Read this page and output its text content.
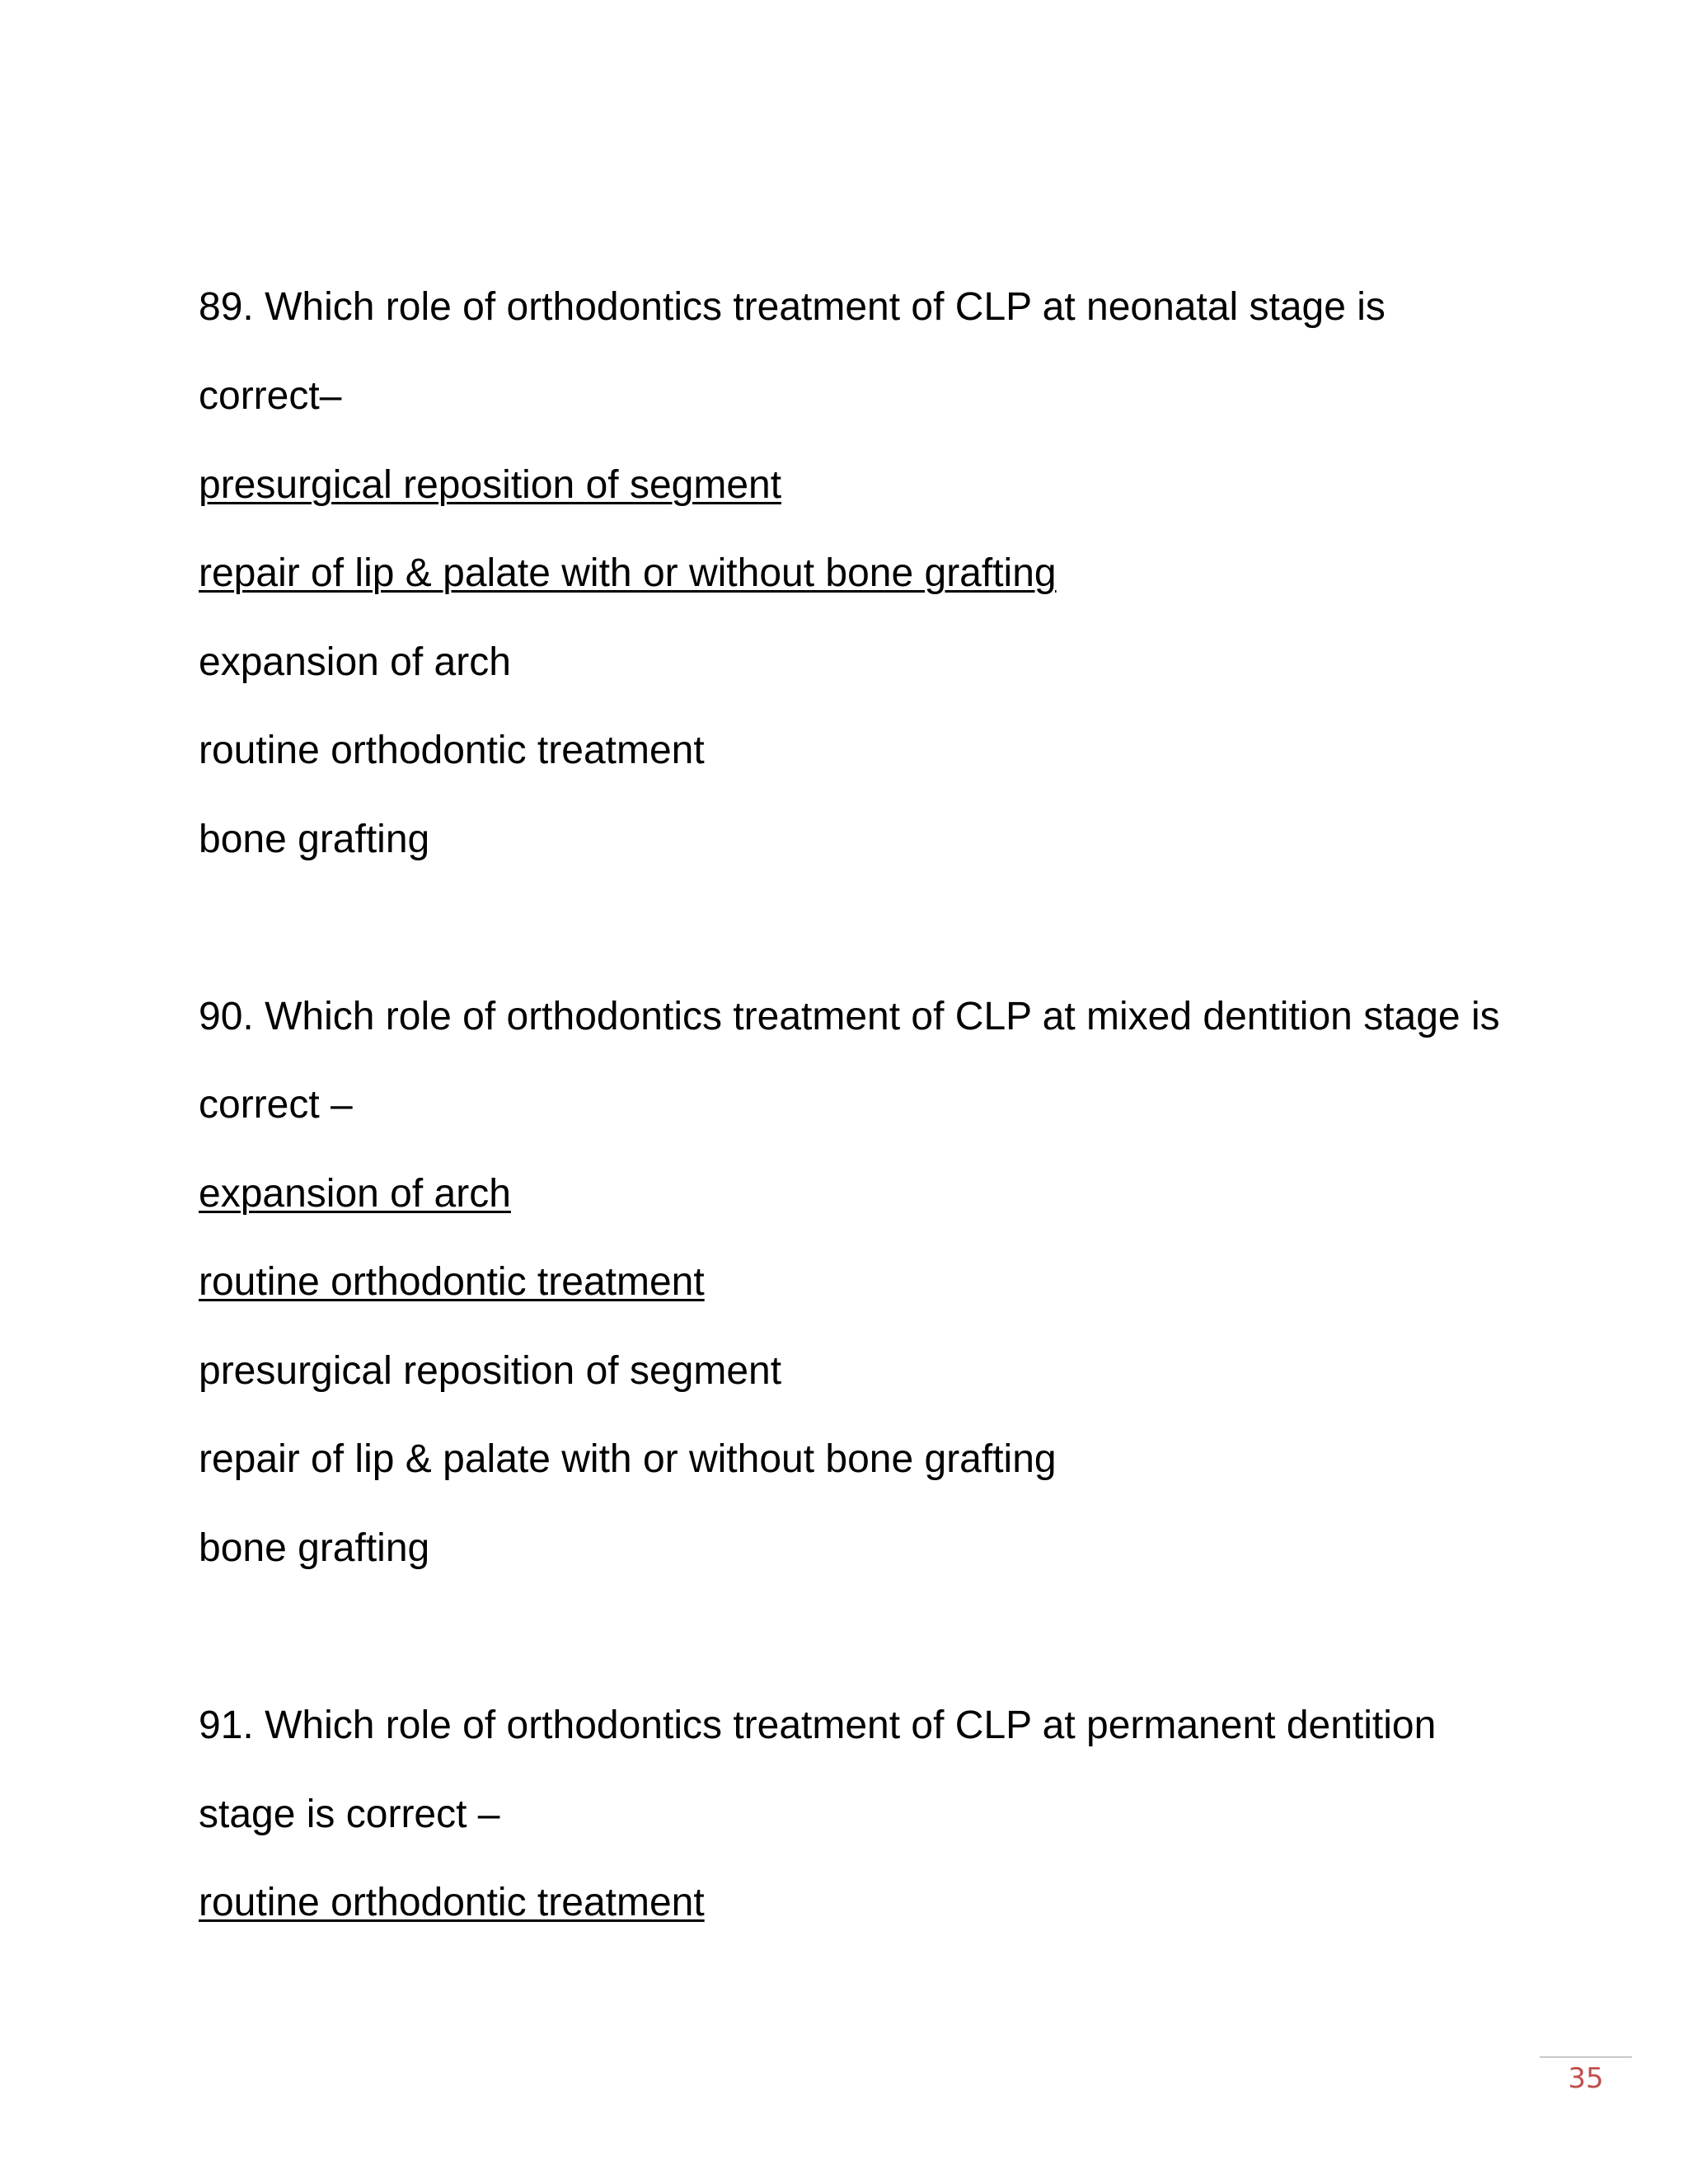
89. Which role of orthodontics treatment of CLP at neonatal stage is
correct–
presurgical reposition of segment
repair of lip & palate with or without bone grafting
expansion of arch
routine orthodontic treatment
bone grafting
90. Which role of orthodontics treatment of CLP at mixed dentition stage is
correct –
expansion of arch
routine orthodontic treatment
presurgical reposition of segment
repair of lip & palate with or without bone grafting
bone grafting
91. Which role of orthodontics treatment of CLP at permanent dentition
stage is correct –
routine orthodontic treatment
35
